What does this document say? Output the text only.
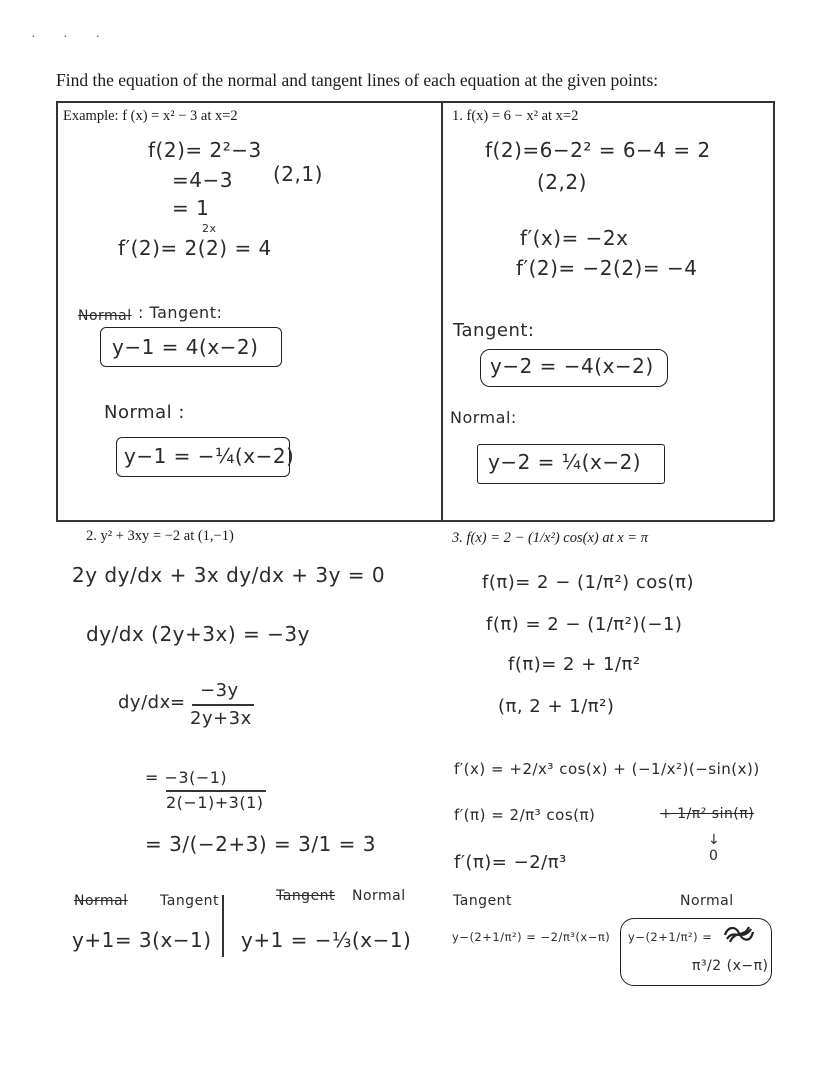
· · ·
Find the equation of the normal and tangent lines of each equation at the given points:
Example: f (x) = x² − 3 at x=2
f(2)= 2²−3
=4−3 (2,1)
= 1
2x
f′(2)= 2(2) = 4
Normal : Tangent:
y−1 = 4(x−2)
Normal :
y−1 = −¼(x−2)
1. f(x) = 6 − x² at x=2
f(2)=6−2² = 6−4 = 2
(2,2)
f′(x)= −2x
f′(2)= −2(2)= −4
Tangent:
y−2 = −4(x−2)
Normal:
y−2 = ¼(x−2)
2. y² + 3xy = −2 at (1,−1)
2y dy/dx + 3x dy/dx + 3y = 0
dy/dx (2y+3x) = −3y
dy/dx =
−3y
2y+3x
= −3(−1)
2(−1)+3(1)
= 3/(−2+3) = 3/1 = 3
Normal Tangent	Tangent Normal
y+1= 3(x−1) y+1 = −⅓(x−1)
3. f(x) = 2 − (1/x²) cos(x) at x = π
f(π)= 2 − (1/π²) cos(π)
f(π) = 2 − (1/π²)(−1)
f(π)= 2 + 1/π²
(π, 2 + 1/π²)
f′(x) = +2/x³ cos(x) + (−1/x²)(−sin(x))
f′(π) = 2/π³ cos(π)	+ 1/π² sin(π)
↓
0
f′(π)= −2/π³
Tangent	Normal
y−(2+1/π²) = −2/π³(x−π) y−(2+1/π²) =
π³/2 (x−π)
